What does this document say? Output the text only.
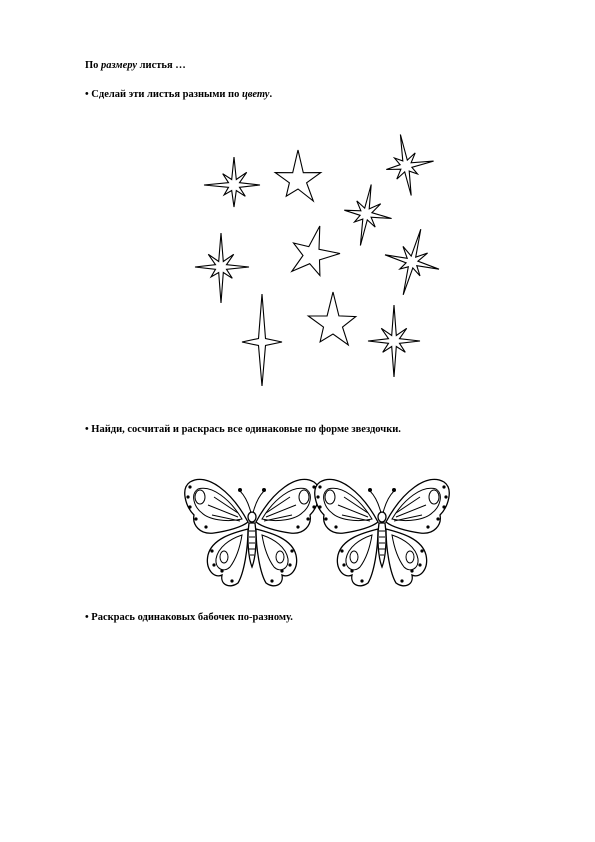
По размеру листья …
• Сделай эти листья разными по цвету.
• Найди, сосчитай и раскрась все одинаковые по форме звездочки.
• Раскрась одинаковых бабочек по-разному.
